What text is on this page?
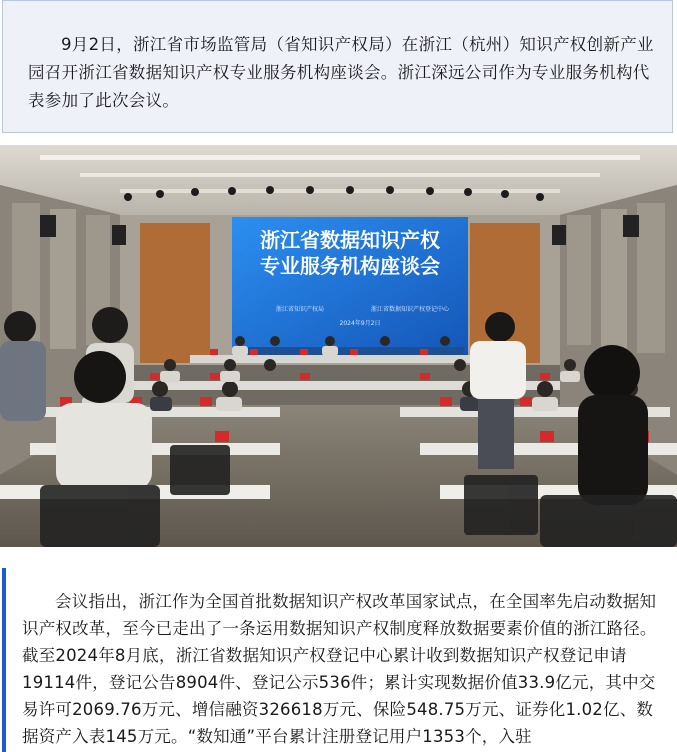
9月2日，浙江省市场监管局（省知识产权局）在浙江（杭州）知识产权创新产业园召开浙江省数据知识产权专业服务机构座谈会。浙江深远公司作为专业服务机构代表参加了此次会议。

浙江省数据知识产权
专业服务机构座谈会
浙江省知识产权局	浙江省数据知识产权登记中心
2024年9月2日

会议指出，浙江作为全国首批数据知识产权改革国家试点，在全国率先启动数据知识产权改革，至今已走出了一条运用数据知识产权制度释放数据要素价值的浙江路径。截至2024年8月底，浙江省数据知识产权登记中心累计收到数据知识产权登记申请19114件，登记公告8904件、登记公示536件；累计实现数据价值33.9亿元，其中交易许可2069.76万元、增信融资326618万元、保险548.75万元、证券化1.02亿、数据资产入表145万元。“数知通”平台累计注册登记用户1353个，入驻
